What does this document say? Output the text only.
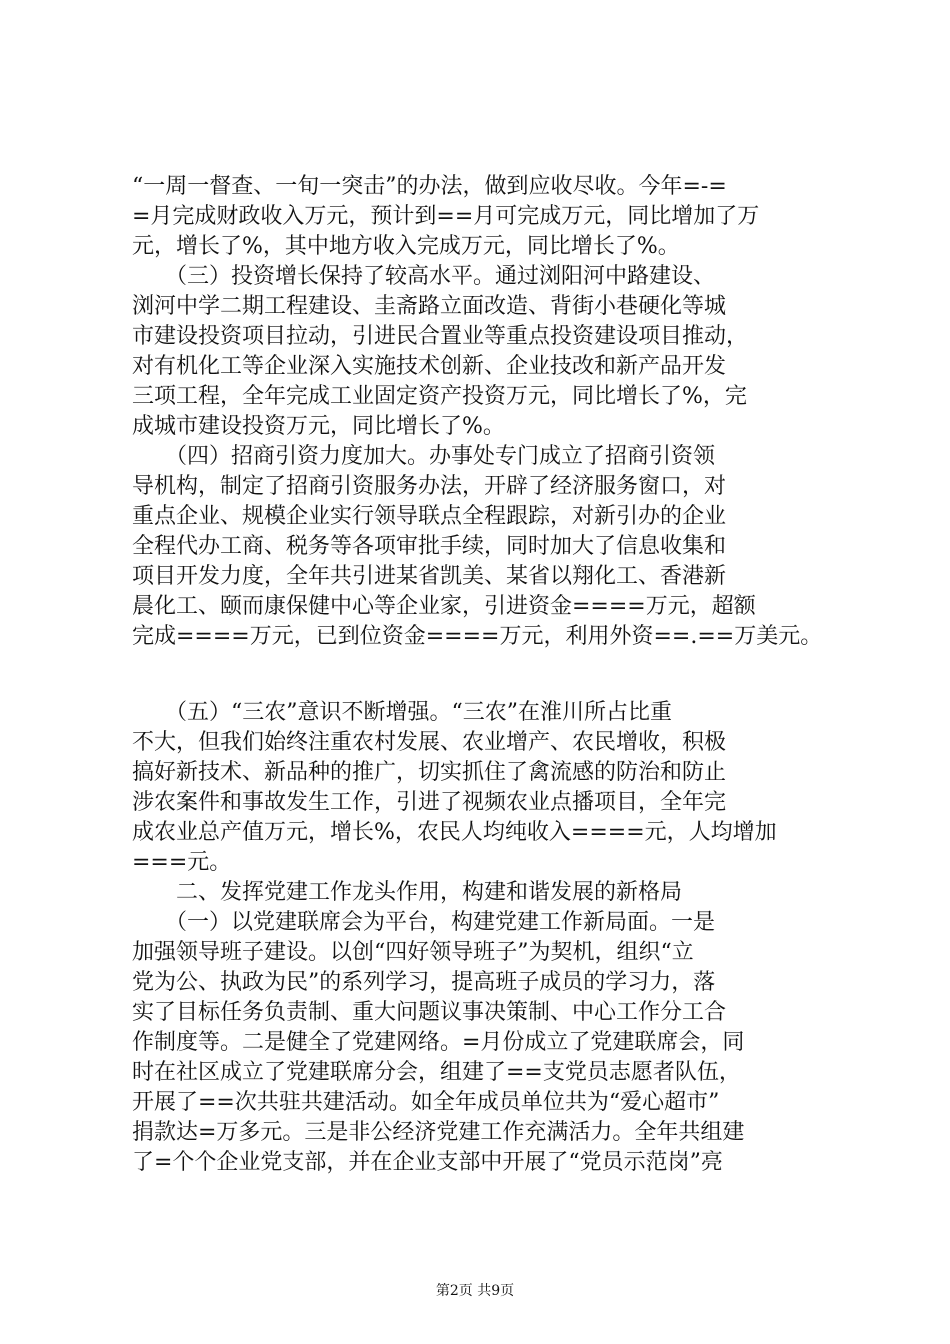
“一周一督查、一旬一突击”的办法，做到应收尽收。今年=-=
=月完成财政收入万元，预计到==月可完成万元，同比增加了万
元，增长了%，其中地方收入完成万元，同比增长了%。
　　（三）投资增长保持了较高水平。通过浏阳河中路建设、
浏河中学二期工程建设、圭斋路立面改造、背街小巷硬化等城
市建设投资项目拉动，引进民合置业等重点投资建设项目推动，
对有机化工等企业深入实施技术创新、企业技改和新产品开发
三项工程，全年完成工业固定资产投资万元，同比增长了%，完
成城市建设投资万元，同比增长了%。
　　（四）招商引资力度加大。办事处专门成立了招商引资领
导机构，制定了招商引资服务办法，开辟了经济服务窗口，对
重点企业、规模企业实行领导联点全程跟踪，对新引办的企业
全程代办工商、税务等各项审批手续，同时加大了信息收集和
项目开发力度，全年共引进某省凯美、某省以翔化工、香港新
晨化工、颐而康保健中心等企业家，引进资金====万元，超额
完成====万元，已到位资金====万元，利用外资==.==万美元。
　　（五）“三农”意识不断增强。“三农”在淮川所占比重
不大，但我们始终注重农村发展、农业增产、农民增收，积极
搞好新技术、新品种的推广，切实抓住了禽流感的防治和防止
涉农案件和事故发生工作，引进了视频农业点播项目，全年完
成农业总产值万元，增长%，农民人均纯收入====元，人均增加
===元。
　　二、发挥党建工作龙头作用，构建和谐发展的新格局
　　（一）以党建联席会为平台，构建党建工作新局面。一是
加强领导班子建设。以创“四好领导班子”为契机，组织“立
党为公、执政为民”的系列学习，提高班子成员的学习力，落
实了目标任务负责制、重大问题议事决策制、中心工作分工合
作制度等。二是健全了党建网络。=月份成立了党建联席会，同
时在社区成立了党建联席分会，组建了==支党员志愿者队伍，
开展了==次共驻共建活动。如全年成员单位共为“爱心超市”
捐款达=万多元。三是非公经济党建工作充满活力。全年共组建
了=个个企业党支部，并在企业支部中开展了“党员示范岗”亮
第2页 共9页
